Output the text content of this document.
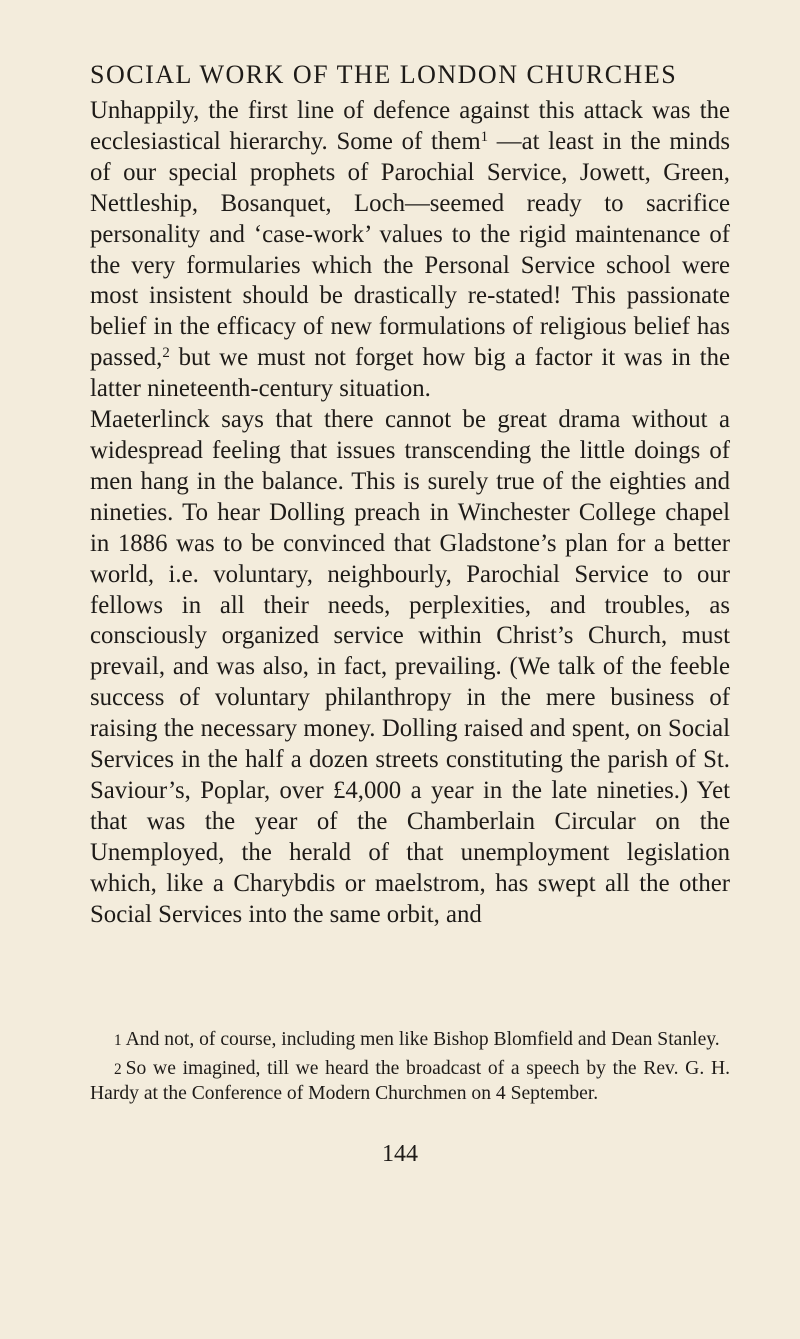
SOCIAL WORK OF THE LONDON CHURCHES

Unhappily, the first line of defence against this attack was the ecclesiastical hierarchy. Some of them$^1$ —at least in the minds of our special prophets of Parochial Service, Jowett, Green, Nettleship, Bosanquet, Loch—seemed ready to sacrifice personality and ‘case-work’ values to the rigid maintenance of the very formularies which the Personal Service school were most insistent should be drastically re-stated! This passionate belief in the efficacy of new formulations of religious belief has passed,$^2$ but we must not forget how big a factor it was in the latter nineteenth-century situation.

Maeterlinck says that there cannot be great drama without a widespread feeling that issues transcending the little doings of men hang in the balance. This is surely true of the eighties and nineties. To hear Dolling preach in Winchester College chapel in 1886 was to be convinced that Gladstone’s plan for a better world, i.e. voluntary, neighbourly, Parochial Service to our fellows in all their needs, perplexities, and troubles, as consciously organized service within Christ’s Church, must prevail, and was also, in fact, prevailing. (We talk of the feeble success of voluntary philanthropy in the mere business of raising the necessary money. Dolling raised and spent, on Social Services in the half a dozen streets constituting the parish of St. Saviour’s, Poplar, over £4,000 a year in the late nineties.) Yet that was the year of the Chamberlain Circular on the Unemployed, the herald of that unemployment legislation which, like a Charybdis or maelstrom, has swept all the other Social Services into the same orbit, and

1 And not, of course, including men like Bishop Blomfield and Dean Stanley.

2 So we imagined, till we heard the broadcast of a speech by the Rev. G. H. Hardy at the Conference of Modern Churchmen on 4 September.

144
